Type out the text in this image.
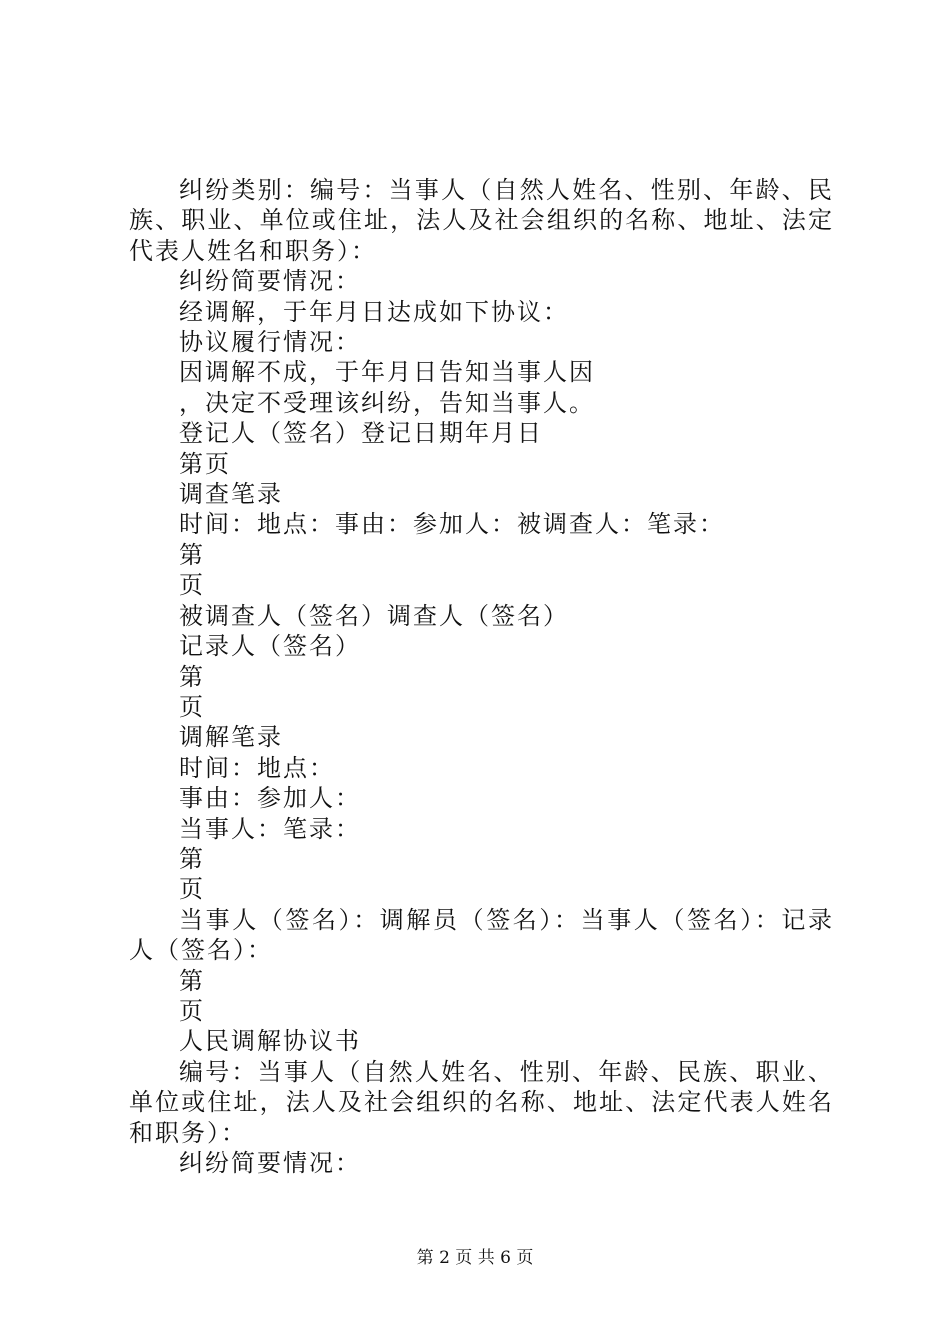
纠纷类别：编号：当事人（自然人姓名、性别、年龄、民族、职业、单位或住址，法人及社会组织的名称、地址、法定代表人姓名和职务）：

纠纷简要情况：

经调解，于年月日达成如下协议：

协议履行情况：

因调解不成，于年月日告知当事人因

，决定不受理该纠纷，告知当事人。

登记人（签名）登记日期年月日

第页

调查笔录

时间：地点：事由：参加人：被调查人：笔录：

第

页

被调查人（签名）调查人（签名）

记录人（签名）

第

页

调解笔录

时间：地点：

事由：参加人：

当事人：笔录：

第

页

当事人（签名）：调解员（签名）：当事人（签名）：记录人（签名）：

第

页

人民调解协议书

编号：当事人（自然人姓名、性别、年龄、民族、职业、单位或住址，法人及社会组织的名称、地址、法定代表人姓名和职务）：

纠纷简要情况：

第 2 页 共 6 页
